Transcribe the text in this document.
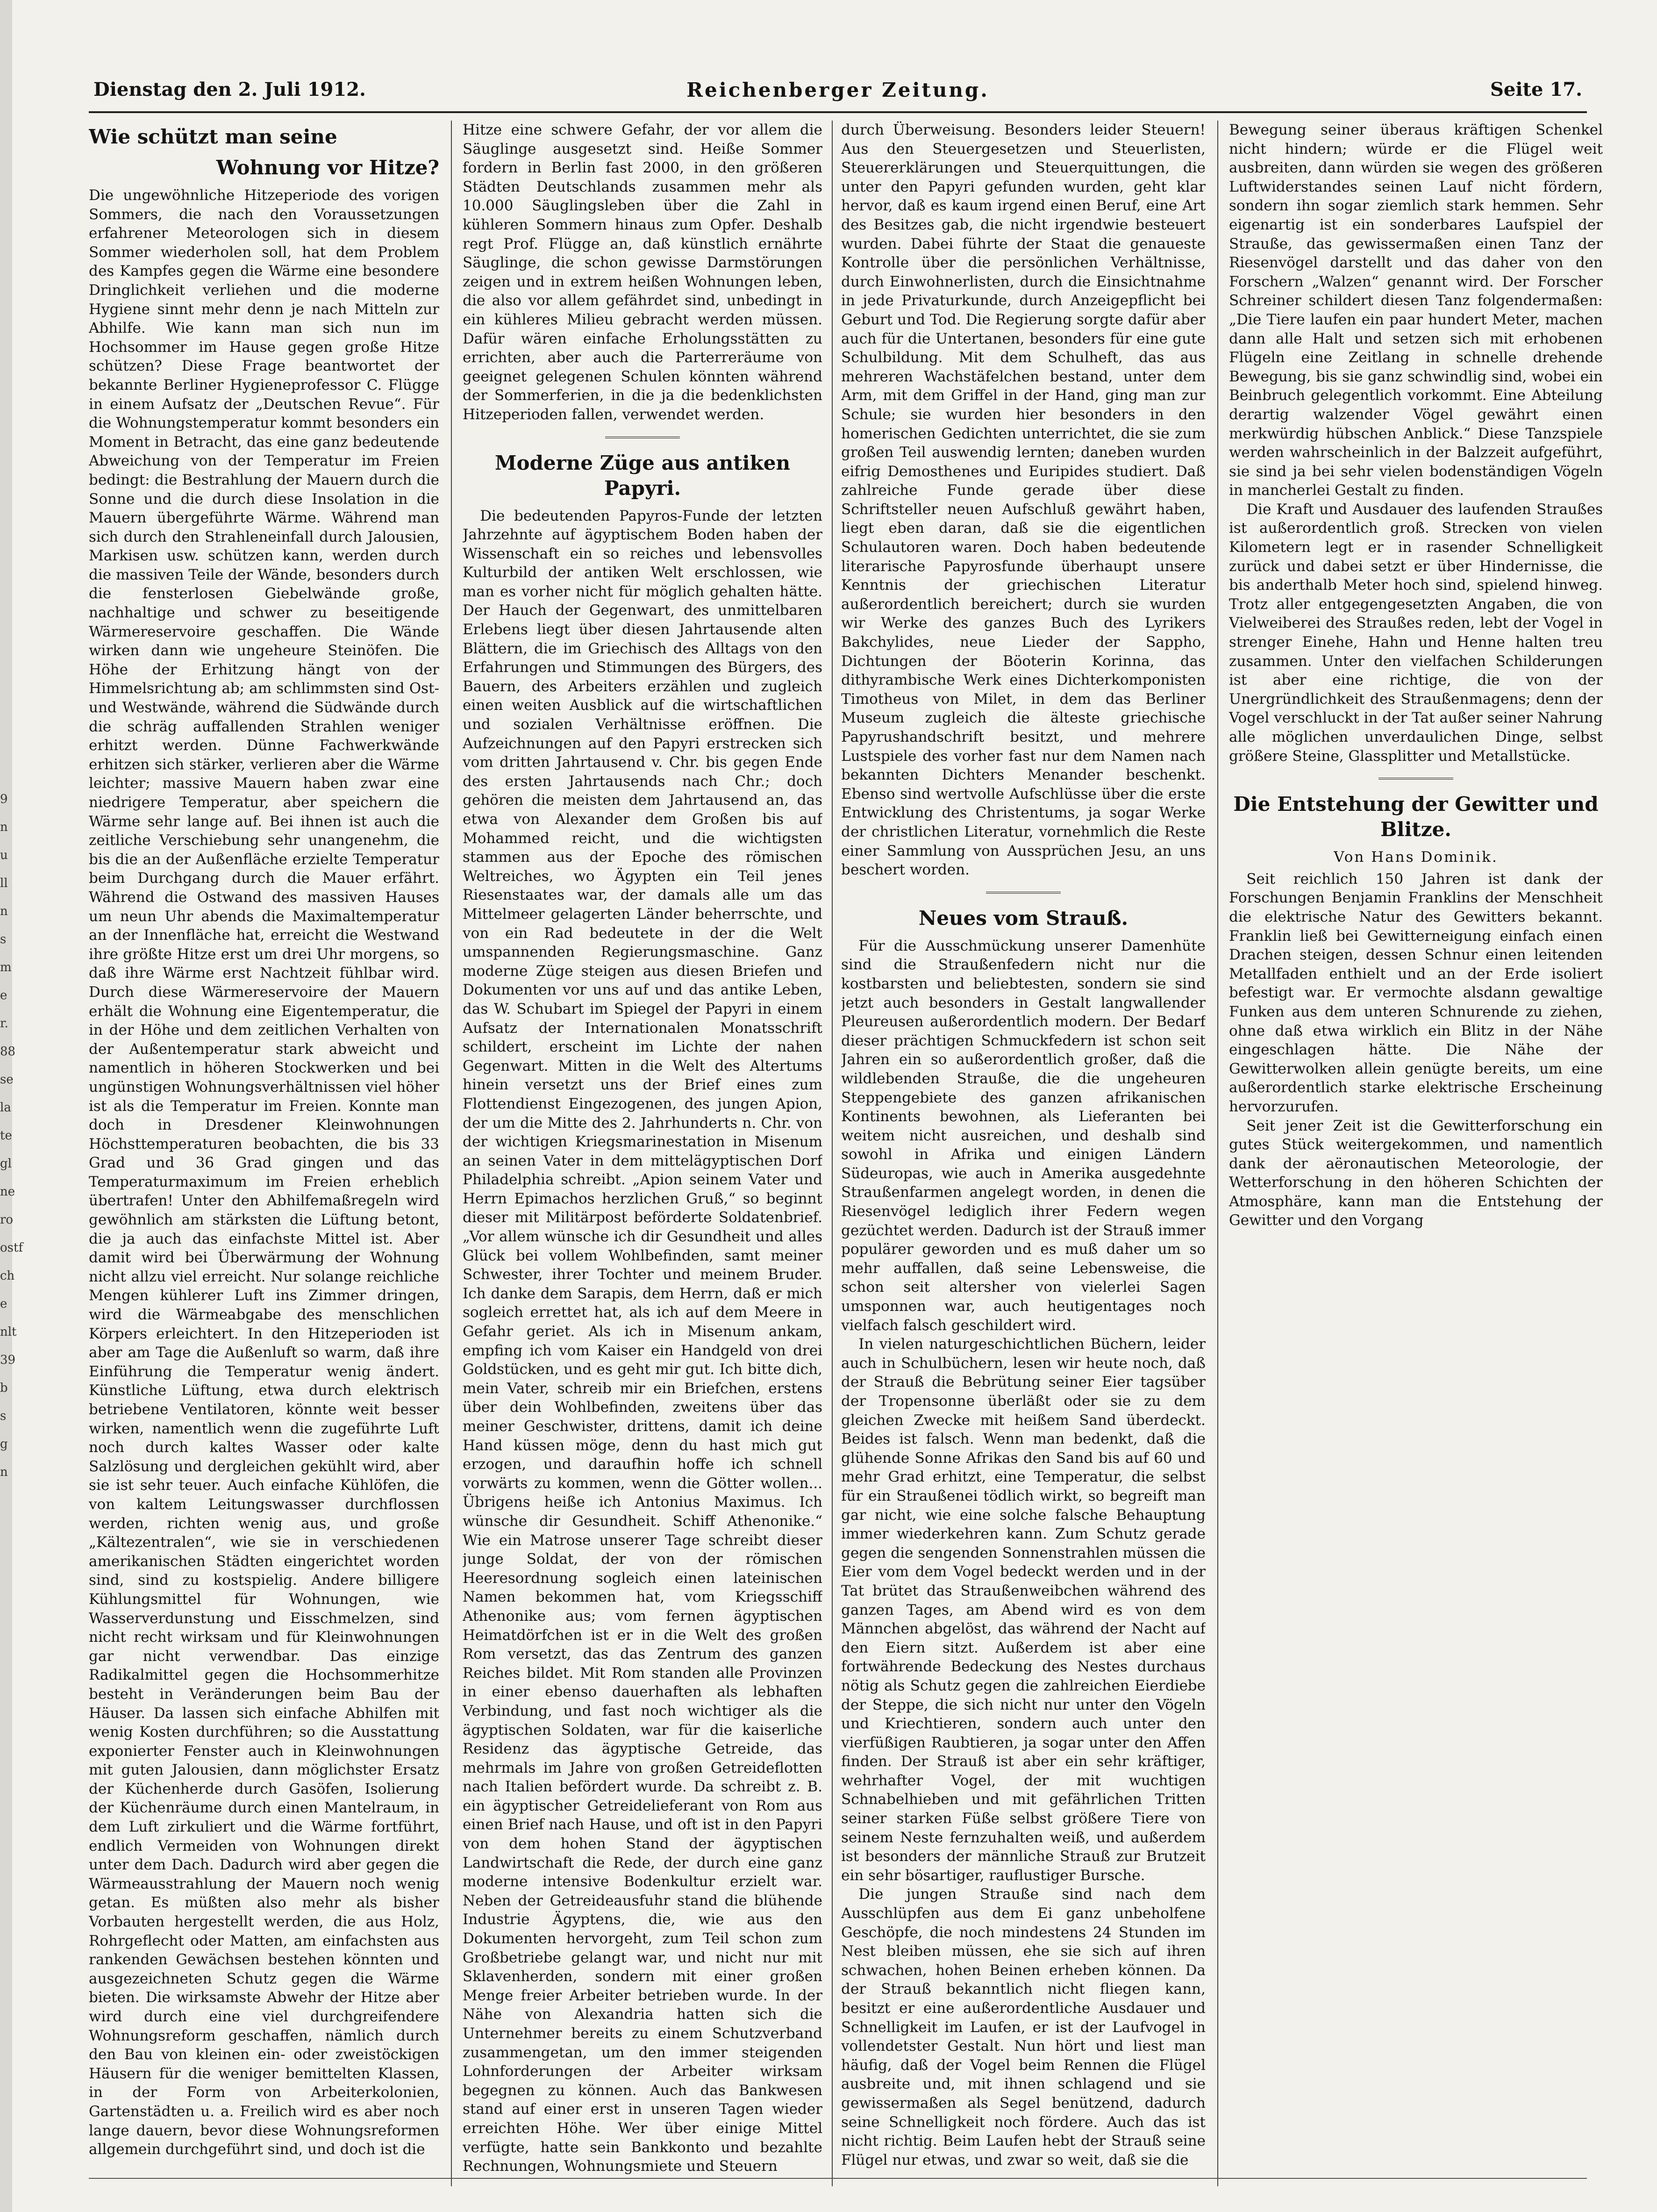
9
n
u
ll
n
s
m
e
r.
88
se
la
te
gl
ne
ro
ostf
ch
e
nlt
39
b
s
g
n
Dienstag den 2. Juli 1912.	Reichenberger Zeitung.	Seite 17.
Wie schützt man seine
Wohnung vor Hitze?

Die ungewöhnliche Hitzeperiode des vorigen Sommers, die nach den Voraussetzungen erfahrener Meteorologen sich in diesem Sommer wiederholen soll, hat dem Problem des Kampfes gegen die Wärme eine besondere Dringlichkeit verliehen und die moderne Hygiene sinnt mehr denn je nach Mitteln zur Abhilfe. Wie kann man sich nun im Hochsommer im Hause gegen große Hitze schützen? Diese Frage beantwortet der bekannte Berliner Hygieneprofessor C. Flügge in einem Aufsatz der „Deutschen Revue“. Für die Wohnungstemperatur kommt besonders ein Moment in Betracht, das eine ganz bedeutende Abweichung von der Temperatur im Freien bedingt: die Bestrahlung der Mauern durch die Sonne und die durch diese Insolation in die Mauern übergeführte Wärme. Während man sich durch den Strahleneinfall durch Jalousien, Markisen usw. schützen kann, werden durch die massiven Teile der Wände, besonders durch die fensterlosen Giebelwände große, nachhaltige und schwer zu beseitigende Wärmereservoire geschaffen. Die Wände wirken dann wie ungeheure Steinöfen. Die Höhe der Erhitzung hängt von der Himmelsrichtung ab; am schlimmsten sind Ost- und Westwände, während die Südwände durch die schräg auffallenden Strahlen weniger erhitzt werden. Dünne Fachwerkwände erhitzen sich stärker, verlieren aber die Wärme leichter; massive Mauern haben zwar eine niedrigere Temperatur, aber speichern die Wärme sehr lange auf. Bei ihnen ist auch die zeitliche Verschiebung sehr unangenehm, die bis die an der Außenfläche erzielte Temperatur beim Durchgang durch die Mauer erfährt. Während die Ostwand des massiven Hauses um neun Uhr abends die Maximaltemperatur an der Innenfläche hat, erreicht die Westwand ihre größte Hitze erst um drei Uhr morgens, so daß ihre Wärme erst Nachtzeit fühlbar wird. Durch diese Wärmereservoire der Mauern erhält die Wohnung eine Eigentemperatur, die in der Höhe und dem zeitlichen Verhalten von der Außentemperatur stark abweicht und namentlich in höheren Stockwerken und bei ungünstigen Wohnungsverhältnissen viel höher ist als die Temperatur im Freien. Konnte man doch in Dresdener Kleinwohnungen Höchsttemperaturen beobachten, die bis 33 Grad und 36 Grad gingen und das Temperaturmaximum im Freien erheblich übertrafen! Unter den Abhilfemaßregeln wird gewöhnlich am stärksten die Lüftung betont, die ja auch das einfachste Mittel ist. Aber damit wird bei Überwärmung der Wohnung nicht allzu viel erreicht. Nur solange reichliche Mengen kühlerer Luft ins Zimmer dringen, wird die Wärmeabgabe des menschlichen Körpers erleichtert. In den Hitzeperioden ist aber am Tage die Außenluft so warm, daß ihre Einführung die Temperatur wenig ändert. Künstliche Lüftung, etwa durch elektrisch betriebene Ventilatoren, könnte weit besser wirken, namentlich wenn die zugeführte Luft noch durch kaltes Wasser oder kalte Salzlösung und dergleichen gekühlt wird, aber sie ist sehr teuer. Auch einfache Kühlöfen, die von kaltem Leitungswasser durchflossen werden, richten wenig aus, und große „Kältezentralen“, wie sie in verschiedenen amerikanischen Städten eingerichtet worden sind, sind zu kostspielig. Andere billigere Kühlungsmittel für Wohnungen, wie Wasserverdunstung und Eisschmelzen, sind nicht recht wirksam und für Kleinwohnungen gar nicht verwendbar. Das einzige Radikalmittel gegen die Hochsommerhitze besteht in Veränderungen beim Bau der Häuser. Da lassen sich einfache Abhilfen mit wenig Kosten durchführen; so die Ausstattung exponierter Fenster auch in Kleinwohnungen mit guten Jalousien, dann möglichster Ersatz der Küchenherde durch Gasöfen, Isolierung der Küchenräume durch einen Mantelraum, in dem Luft zirkuliert und die Wärme fortführt, endlich Vermeiden von Wohnungen direkt unter dem Dach. Dadurch wird aber gegen die Wärmeausstrahlung der Mauern noch wenig getan. Es müßten also mehr als bisher Vorbauten hergestellt werden, die aus Holz, Rohrgeflecht oder Matten, am einfachsten aus rankenden Gewächsen bestehen könnten und ausgezeichneten Schutz gegen die Wärme bieten. Die wirksamste Abwehr der Hitze aber wird durch eine viel durchgreifendere Wohnungsreform geschaffen, nämlich durch den Bau von kleinen ein- oder zweistöckigen Häusern für die weniger bemittelten Klassen, in der Form von Arbeiterkolonien, Gartenstädten u. a. Freilich wird es aber noch lange dauern, bevor diese Wohnungsreformen allgemein durchgeführt sind, und doch ist die

Hitze eine schwere Gefahr, der vor allem die Säuglinge ausgesetzt sind. Heiße Sommer fordern in Berlin fast 2000, in den größeren Städten Deutschlands zusammen mehr als 10.000 Säuglingsleben über die Zahl in kühleren Sommern hinaus zum Opfer. Deshalb regt Prof. Flügge an, daß künstlich ernährte Säuglinge, die schon gewisse Darmstörungen zeigen und in extrem heißen Wohnungen leben, die also vor allem gefährdet sind, unbedingt in ein kühleres Milieu gebracht werden müssen. Dafür wären einfache Erholungsstätten zu errichten, aber auch die Parterreräume von geeignet gelegenen Schulen könnten während der Sommerferien, in die ja die bedenklichsten Hitzeperioden fallen, verwendet werden.

Moderne Züge aus antiken Papyri.

Die bedeutenden Papyros-Funde der letzten Jahrzehnte auf ägyptischem Boden haben der Wissenschaft ein so reiches und lebensvolles Kulturbild der antiken Welt erschlossen, wie man es vorher nicht für möglich gehalten hätte. Der Hauch der Gegenwart, des unmittelbaren Erlebens liegt über diesen Jahrtausende alten Blättern, die im Griechisch des Alltags von den Erfahrungen und Stimmungen des Bürgers, des Bauern, des Arbeiters erzählen und zugleich einen weiten Ausblick auf die wirtschaftlichen und sozialen Verhältnisse eröffnen. Die Aufzeichnungen auf den Papyri erstrecken sich vom dritten Jahrtausend v. Chr. bis gegen Ende des ersten Jahrtausends nach Chr.; doch gehören die meisten dem Jahrtausend an, das etwa von Alexander dem Großen bis auf Mohammed reicht, und die wichtigsten stammen aus der Epoche des römischen Weltreiches, wo Ägypten ein Teil jenes Riesenstaates war, der damals alle um das Mittelmeer gelagerten Länder beherrschte, und von ein Rad bedeutete in der die Welt umspannenden Regierungsmaschine. Ganz moderne Züge steigen aus diesen Briefen und Dokumenten vor uns auf und das antike Leben, das W. Schubart im Spiegel der Papyri in einem Aufsatz der Internationalen Monatsschrift schildert, erscheint im Lichte der nahen Gegenwart. Mitten in die Welt des Altertums hinein versetzt uns der Brief eines zum Flottendienst Eingezogenen, des jungen Apion, der um die Mitte des 2. Jahrhunderts n. Chr. von der wichtigen Kriegsmarinestation in Misenum an seinen Vater in dem mittelägyptischen Dorf Philadelphia schreibt. „Apion seinem Vater und Herrn Epimachos herzlichen Gruß,“ so beginnt dieser mit Militärpost beförderte Soldatenbrief. „Vor allem wünsche ich dir Gesundheit und alles Glück bei vollem Wohlbefinden, samt meiner Schwester, ihrer Tochter und meinem Bruder. Ich danke dem Sarapis, dem Herrn, daß er mich sogleich errettet hat, als ich auf dem Meere in Gefahr geriet. Als ich in Misenum ankam, empfing ich vom Kaiser ein Handgeld von drei Goldstücken, und es geht mir gut. Ich bitte dich, mein Vater, schreib mir ein Briefchen, erstens über dein Wohlbefinden, zweitens über das meiner Geschwister, drittens, damit ich deine Hand küssen möge, denn du hast mich gut erzogen, und daraufhin hoffe ich schnell vorwärts zu kommen, wenn die Götter wollen... Übrigens heiße ich Antonius Maximus. Ich wünsche dir Gesundheit. Schiff Athenonike.“ Wie ein Matrose unserer Tage schreibt dieser junge Soldat, der von der römischen Heeresordnung sogleich einen lateinischen Namen bekommen hat, vom Kriegsschiff Athenonike aus; vom fernen ägyptischen Heimatdörfchen ist er in die Welt des großen Rom versetzt, das das Zentrum des ganzen Reiches bildet. Mit Rom standen alle Provinzen in einer ebenso dauerhaften als lebhaften Verbindung, und fast noch wichtiger als die ägyptischen Soldaten, war für die kaiserliche Residenz das ägyptische Getreide, das mehrmals im Jahre von großen Getreideflotten nach Italien befördert wurde. Da schreibt z. B. ein ägyptischer Getreidelieferant von Rom aus einen Brief nach Hause, und oft ist in den Papyri von dem hohen Stand der ägyptischen Landwirtschaft die Rede, der durch eine ganz moderne intensive Bodenkultur erzielt war. Neben der Getreideausfuhr stand die blühende Industrie Ägyptens, die, wie aus den Dokumenten hervorgeht, zum Teil schon zum Großbetriebe gelangt war, und nicht nur mit Sklavenherden, sondern mit einer großen Menge freier Arbeiter betrieben wurde. In der Nähe von Alexandria hatten sich die Unternehmer bereits zu einem Schutzverband zusammengetan, um den immer steigenden Lohnforderungen der Arbeiter wirksam begegnen zu können. Auch das Bankwesen stand auf einer erst in unseren Tagen wieder erreichten Höhe. Wer über einige Mittel verfügte, hatte sein Bankkonto und bezahlte Rechnungen, Wohnungsmiete und Steuern

durch Überweisung. Besonders leider Steuern! Aus den Steuergesetzen und Steuerlisten, Steuererklärungen und Steuerquittungen, die unter den Papyri gefunden wurden, geht klar hervor, daß es kaum irgend einen Beruf, eine Art des Besitzes gab, die nicht irgendwie besteuert wurden. Dabei führte der Staat die genaueste Kontrolle über die persönlichen Verhältnisse, durch Einwohnerlisten, durch die Einsichtnahme in jede Privaturkunde, durch Anzeigepflicht bei Geburt und Tod. Die Regierung sorgte dafür aber auch für die Untertanen, besonders für eine gute Schulbildung. Mit dem Schulheft, das aus mehreren Wachstäfelchen bestand, unter dem Arm, mit dem Griffel in der Hand, ging man zur Schule; sie wurden hier besonders in den homerischen Gedichten unterrichtet, die sie zum großen Teil auswendig lernten; daneben wurden eifrig Demosthenes und Euripides studiert. Daß zahlreiche Funde gerade über diese Schriftsteller neuen Aufschluß gewährt haben, liegt eben daran, daß sie die eigentlichen Schulautoren waren. Doch haben bedeutende literarische Papyrosfunde überhaupt unsere Kenntnis der griechischen Literatur außerordentlich bereichert; durch sie wurden wir Werke des ganzes Buch des Lyrikers Bakchylides, neue Lieder der Sappho, Dichtungen der Böoterin Korinna, das dithyrambische Werk eines Dichterkomponisten Timotheus von Milet, in dem das Berliner Museum zugleich die älteste griechische Papyrushandschrift besitzt, und mehrere Lustspiele des vorher fast nur dem Namen nach bekannten Dichters Menander beschenkt. Ebenso sind wertvolle Aufschlüsse über die erste Entwicklung des Christentums, ja sogar Werke der christlichen Literatur, vornehmlich die Reste einer Sammlung von Aussprüchen Jesu, an uns beschert worden.

Neues vom Strauß.

Für die Ausschmückung unserer Damenhüte sind die Straußenfedern nicht nur die kostbarsten und beliebtesten, sondern sie sind jetzt auch besonders in Gestalt langwallender Pleureusen außerordentlich modern. Der Bedarf dieser prächtigen Schmuckfedern ist schon seit Jahren ein so außerordentlich großer, daß die wildlebenden Strauße, die die ungeheuren Steppengebiete des ganzen afrikanischen Kontinents bewohnen, als Lieferanten bei weitem nicht ausreichen, und deshalb sind sowohl in Afrika und einigen Ländern Südeuropas, wie auch in Amerika ausgedehnte Straußenfarmen angelegt worden, in denen die Riesenvögel lediglich ihrer Federn wegen gezüchtet werden. Dadurch ist der Strauß immer populärer geworden und es muß daher um so mehr auffallen, daß seine Lebensweise, die schon seit altersher von vielerlei Sagen umsponnen war, auch heutigentages noch vielfach falsch geschildert wird.

In vielen naturgeschichtlichen Büchern, leider auch in Schulbüchern, lesen wir heute noch, daß der Strauß die Bebrütung seiner Eier tagsüber der Tropensonne überläßt oder sie zu dem gleichen Zwecke mit heißem Sand überdeckt. Beides ist falsch. Wenn man bedenkt, daß die glühende Sonne Afrikas den Sand bis auf 60 und mehr Grad erhitzt, eine Temperatur, die selbst für ein Straußenei tödlich wirkt, so begreift man gar nicht, wie eine solche falsche Behauptung immer wiederkehren kann. Zum Schutz gerade gegen die sengenden Sonnenstrahlen müssen die Eier vom dem Vogel bedeckt werden und in der Tat brütet das Straußenweibchen während des ganzen Tages, am Abend wird es von dem Männchen abgelöst, das während der Nacht auf den Eiern sitzt. Außerdem ist aber eine fortwährende Bedeckung des Nestes durchaus nötig als Schutz gegen die zahlreichen Eierdiebe der Steppe, die sich nicht nur unter den Vögeln und Kriechtieren, sondern auch unter den vierfüßigen Raubtieren, ja sogar unter den Affen finden. Der Strauß ist aber ein sehr kräftiger, wehrhafter Vogel, der mit wuchtigen Schnabelhieben und mit gefährlichen Tritten seiner starken Füße selbst größere Tiere von seinem Neste fernzuhalten weiß, und außerdem ist besonders der männliche Strauß zur Brutzeit ein sehr bösartiger, rauflustiger Bursche.

Die jungen Strauße sind nach dem Ausschlüpfen aus dem Ei ganz unbeholfene Geschöpfe, die noch mindestens 24 Stunden im Nest bleiben müssen, ehe sie sich auf ihren schwachen, hohen Beinen erheben können. Da der Strauß bekanntlich nicht fliegen kann, besitzt er eine außerordentliche Ausdauer und Schnelligkeit im Laufen, er ist der Laufvogel in vollendetster Gestalt. Nun hört und liest man häufig, daß der Vogel beim Rennen die Flügel ausbreite und, mit ihnen schlagend und sie gewissermaßen als Segel benützend, dadurch seine Schnelligkeit noch fördere. Auch das ist nicht richtig. Beim Laufen hebt der Strauß seine Flügel nur etwas, und zwar so weit, daß sie die

Bewegung seiner überaus kräftigen Schenkel nicht hindern; würde er die Flügel weit ausbreiten, dann würden sie wegen des größeren Luftwiderstandes seinen Lauf nicht fördern, sondern ihn sogar ziemlich stark hemmen. Sehr eigenartig ist ein sonderbares Laufspiel der Strauße, das gewissermaßen einen Tanz der Riesenvögel darstellt und das daher von den Forschern „Walzen“ genannt wird. Der Forscher Schreiner schildert diesen Tanz folgendermaßen: „Die Tiere laufen ein paar hundert Meter, machen dann alle Halt und setzen sich mit erhobenen Flügeln eine Zeitlang in schnelle drehende Bewegung, bis sie ganz schwindlig sind, wobei ein Beinbruch gelegentlich vorkommt. Eine Abteilung derartig walzender Vögel gewährt einen merkwürdig hübschen Anblick.“ Diese Tanzspiele werden wahrscheinlich in der Balzzeit aufgeführt, sie sind ja bei sehr vielen bodenständigen Vögeln in mancherlei Gestalt zu finden.

Die Kraft und Ausdauer des laufenden Straußes ist außerordentlich groß. Strecken von vielen Kilometern legt er in rasender Schnelligkeit zurück und dabei setzt er über Hindernisse, die bis anderthalb Meter hoch sind, spielend hinweg. Trotz aller entgegengesetzten Angaben, die von Vielweiberei des Straußes reden, lebt der Vogel in strenger Einehe, Hahn und Henne halten treu zusammen. Unter den vielfachen Schilderungen ist aber eine richtige, die von der Unergründlichkeit des Straußenmagens; denn der Vogel verschluckt in der Tat außer seiner Nahrung alle möglichen unverdaulichen Dinge, selbst größere Steine, Glassplitter und Metallstücke.

Die Entstehung der Gewitter und Blitze.
Von Hans Dominik.

Seit reichlich 150 Jahren ist dank der Forschungen Benjamin Franklins der Menschheit die elektrische Natur des Gewitters bekannt. Franklin ließ bei Gewitterneigung einfach einen Drachen steigen, dessen Schnur einen leitenden Metallfaden enthielt und an der Erde isoliert befestigt war. Er vermochte alsdann gewaltige Funken aus dem unteren Schnurende zu ziehen, ohne daß etwa wirklich ein Blitz in der Nähe eingeschlagen hätte. Die Nähe der Gewitterwolken allein genügte bereits, um eine außerordentlich starke elektrische Erscheinung hervorzurufen.

Seit jener Zeit ist die Gewitterforschung ein gutes Stück weitergekommen, und namentlich dank der aëronautischen Meteorologie, der Wetterforschung in den höheren Schichten der Atmosphäre, kann man die Entstehung der Gewitter und den Vorgang
